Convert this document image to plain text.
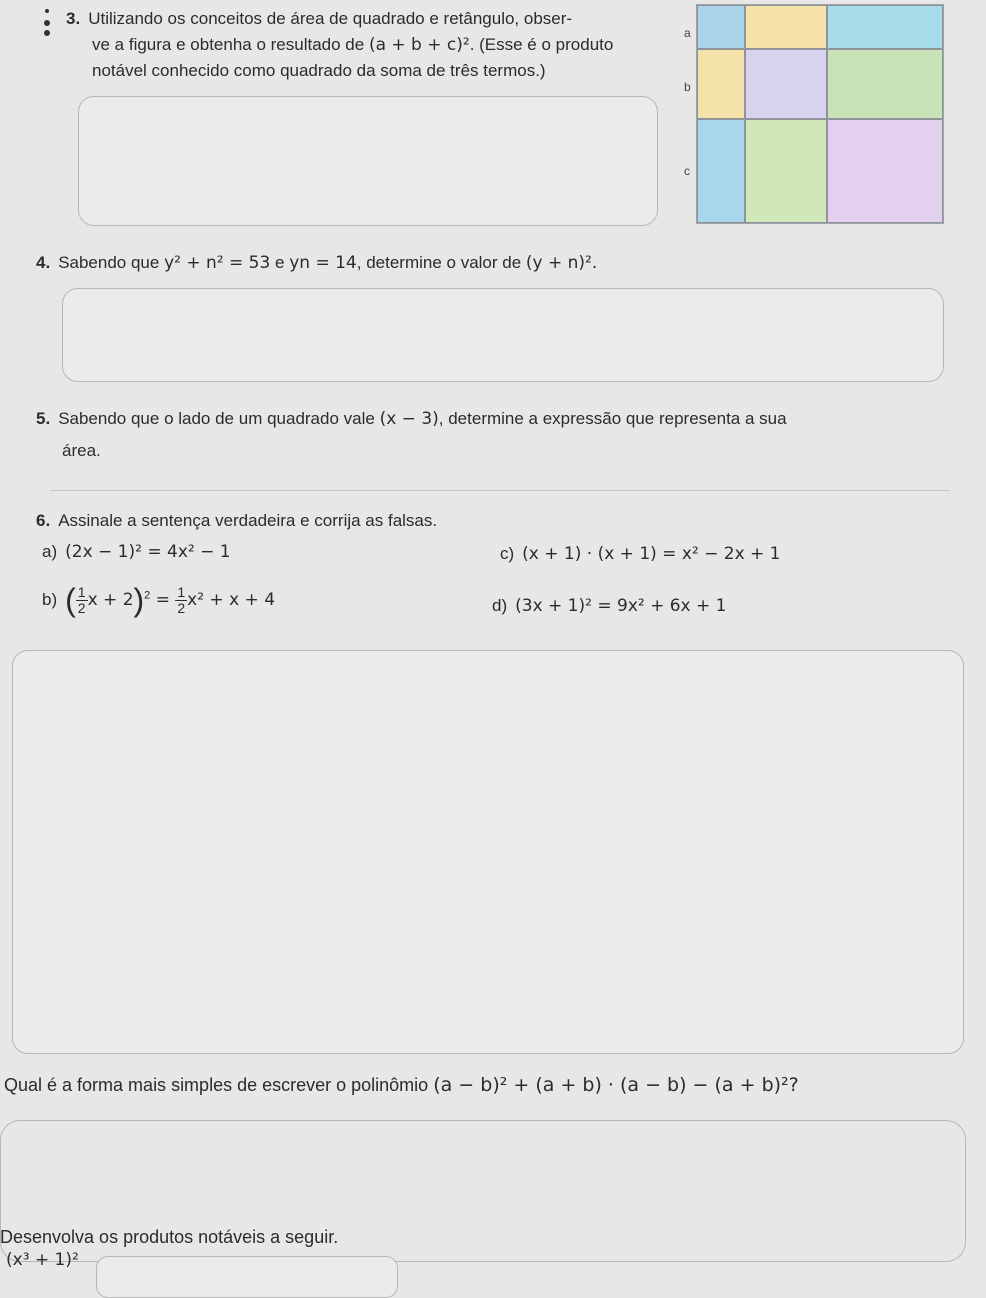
3. Utilizando os conceitos de área de quadrado e retângulo, obser-
ve a figura e obtenha o resultado de (a + b + c)². (Esse é o produto
notável conhecido como quadrado da soma de três termos.)
a
b
c
4. Sabendo que y² + n² = 53 e yn = 14, determine o valor de (y + n)².
5. Sabendo que o lado de um quadrado vale (x − 3), determine a expressão que representa a sua
área.
6. Assinale a sentença verdadeira e corrija as falsas.
a) (2x − 1)² = 4x² − 1	c) (x + 1) · (x + 1) = x² − 2x + 1
b) ( $\frac{1}{2}$ $x + 2)^2 = \frac{1}{2} x^2 + x + 4$	d) (3x + 1)² = 9x² + 6x + 1
Qual é a forma mais simples de escrever o polinômio (a − b)² + (a + b) · (a − b) − (a + b)²?
Desenvolva os produtos notáveis a seguir.
(x³ + 1)²
